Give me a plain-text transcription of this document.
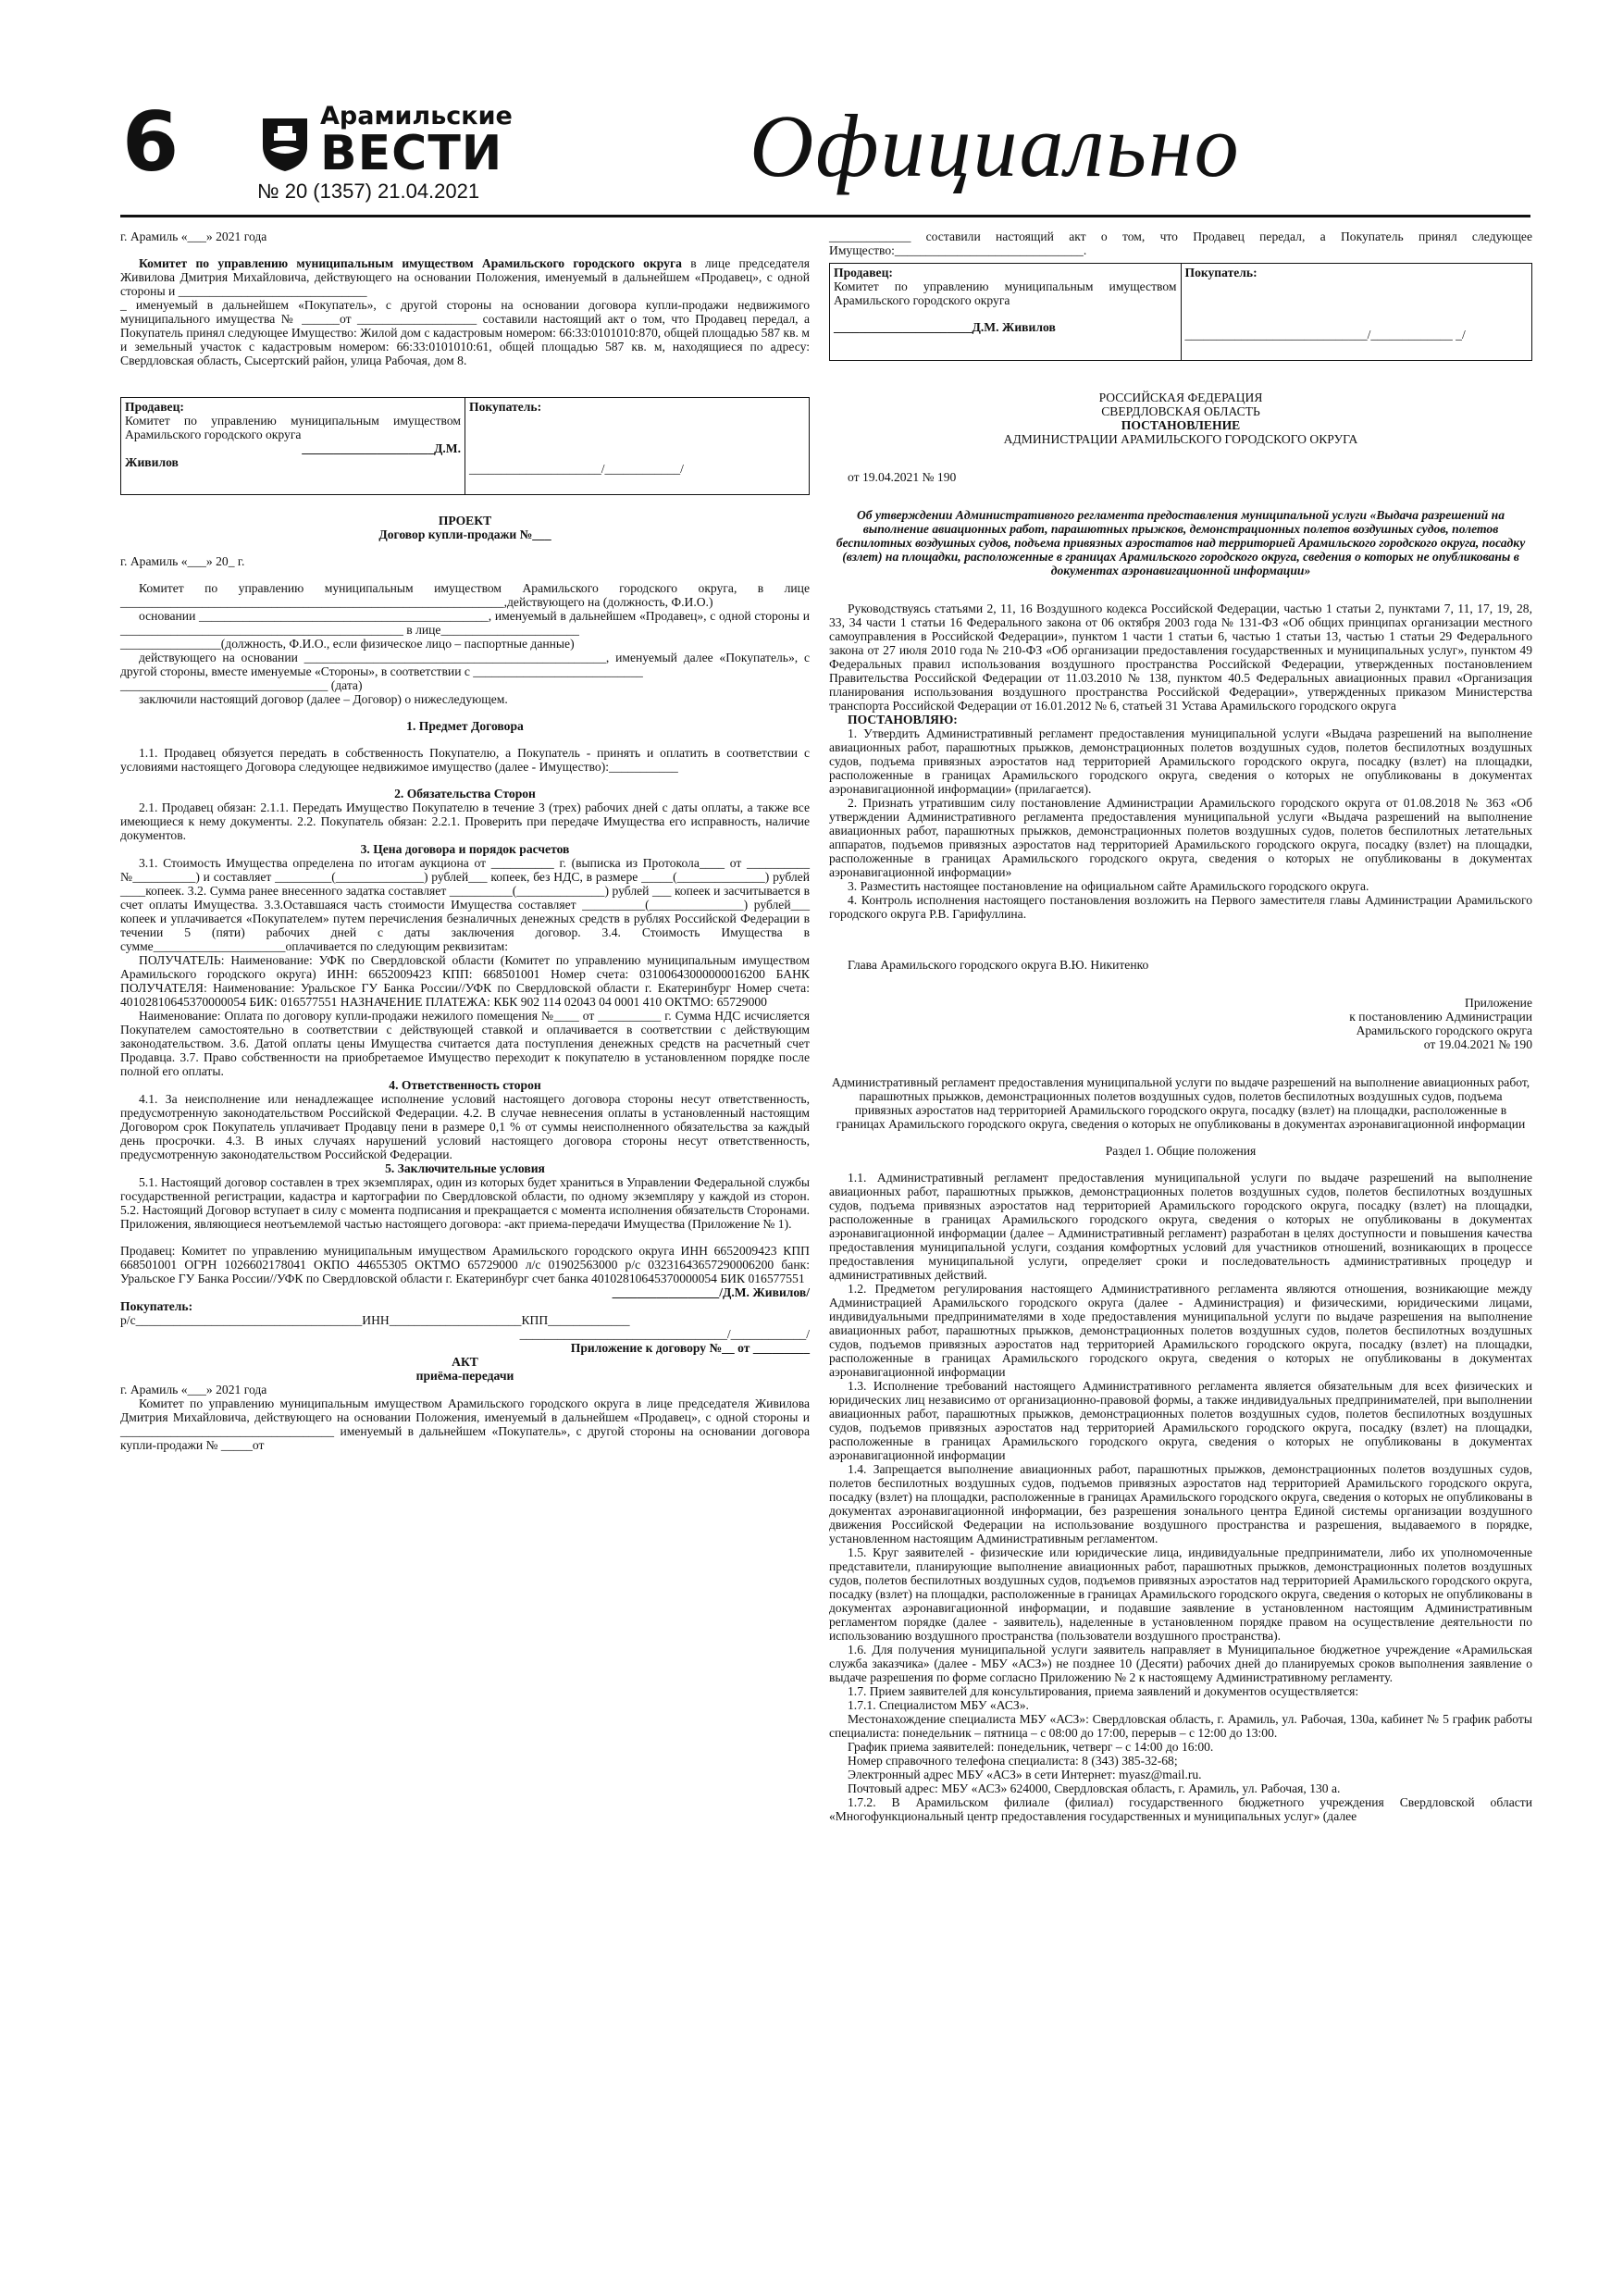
6	Арамильские
ВЕСТИ
№ 20 (1357) 21.04.2021	Официально

г. Арамиль «___» 2021 года

Комитет по управлению муниципальным имуществом Арамильского городского округа в лице председателя Живилова Дмитрия Михайловича, действующего на основании Положения, именуемый в дальнейшем «Продавец», с одной стороны и ______________________________

_ именуемый в дальнейшем «Покупатель», с другой стороны на основании договора купли-продажи недвижимого муниципального имущества № ______от ___________________ составили настоящий акт о том, что Продавец передал, а Покупатель принял следующее Имущество: Жилой дом с кадастровым номером: 66:33:0101010:870, общей площадью 587 кв. м и земельный участок с кадастровым номером: 66:33:0101010:61, общей площадью 587 кв. м, находящиеся по адресу: Свердловская область, Сысертский район, улица Рабочая, дом 8.

Продавец:

Комитет по управлению муниципальным имуществом Арамильского городского округа

_____________________Д.М.

Живилов

Покупатель:

_____________________/____________/

ПРОЕКТ

Договор купли-продажи №___

г. Арамиль «___» 20_ г.

Комитет по управлению муниципальным имуществом Арамильского городского округа, в лице _____________________________________________________________,действующего на (должность, Ф.И.О.)

основании ______________________________________________, именуемый в дальнейшем «Продавец», с одной стороны и _____________________________________________ в лице______________________

________________(должность, Ф.И.О., если физическое лицо – паспортные данные)

действующего на основании ________________________________________________, именуемый далее «Покупатель», с другой стороны, вместе именуемые «Стороны», в соответствии с ___________________________

_________________________________ (дата)

заключили настоящий договор (далее – Договор) о нижеследующем.

1. Предмет Договора

1.1. Продавец обязуется передать в собственность Покупателю, а Покупатель - принять и оплатить в соответствии с условиями настоящего Договора следующее недвижимое имущество (далее - Имущество):___________

2. Обязательства Сторон

2.1. Продавец обязан: 2.1.1. Передать Имущество Покупателю в течение 3 (трех) рабочих дней с даты оплаты, а также все имеющиеся к нему документы. 2.2. Покупатель обязан: 2.2.1. Проверить при передаче Имущества его исправность, наличие документов.

3. Цена договора и порядок расчетов

3.1. Стоимость Имущества определена по итогам аукциона от __________ г. (выписка из Протокола____ от __________ №__________) и составляет _________(______________) рублей___ копеек, без НДС, в размере _____(______________) рублей ____копеек. 3.2. Сумма ранее внесенного задатка составляет __________(______________) рублей ___ копеек и засчитывается в счет оплаты Имущества. 3.3.Оставшаяся часть стоимости Имущества составляет __________(_______________) рублей___ копеек и уплачивается «Покупателем» путем перечисления безналичных денежных средств в рублях Российской Федерации в течении 5 (пяти) рабочих дней с даты заключения договор. 3.4. Стоимость Имущества в сумме_____________________оплачивается по следующим реквизитам:

ПОЛУЧАТЕЛЬ: Наименование: УФК по Свердловской области (Комитет по управлению муниципальным имуществом Арамильского городского округа) ИНН: 6652009423 КПП: 668501001 Номер счета: 03100643000000016200 БАНК ПОЛУЧАТЕЛЯ: Наименование: Уральское ГУ Банка России//УФК по Свердловской области г. Екатеринбург Номер счета: 40102810645370000054 БИК: 016577551 НАЗНАЧЕНИЕ ПЛАТЕЖА: КБК 902 114 02043 04 0001 410 ОКТМО: 65729000

Наименование: Оплата по договору купли-продажи нежилого помещения №____ от __________ г. Сумма НДС исчисляется Покупателем самостоятельно в соответствии с действующей ставкой и оплачивается в соответствии с действующим законодательством. 3.6. Датой оплаты цены Имущества считается дата поступления денежных средств на расчетный счет Продавца. 3.7. Право собственности на приобретаемое Имущество переходит к покупателю в установленном порядке после полной его оплаты.

4. Ответственность сторон

4.1. За неисполнение или ненадлежащее исполнение условий настоящего договора стороны несут ответственность, предусмотренную законодательством Российской Федерации. 4.2. В случае невнесения оплаты в установленный настоящим Договором срок Покупатель уплачивает Продавцу пени в размере 0,1 % от суммы неисполненного обязательства за каждый день просрочки. 4.3. В иных случаях нарушений условий настоящего договора стороны несут ответственность, предусмотренную законодательством Российской Федерации.

5. Заключительные условия

5.1. Настоящий договор составлен в трех экземплярах, один из которых будет храниться в Управлении Федеральной службы государственной регистрации, кадастра и картографии по Свердловской области, по одному экземпляру у каждой из сторон. 5.2. Настоящий Договор вступает в силу с момента подписания и прекращается с момента исполнения обязательств Сторонами. Приложения, являющиеся неотъемлемой частью настоящего договора: -акт приема-передачи Имущества (Приложение № 1).

Продавец: Комитет по управлению муниципальным имуществом Арамильского городского округа ИНН 6652009423 КПП 668501001 ОГРН 1026602178041 ОКПО 44655305 ОКТМО 65729000 л/с 01902563000 р/с 03231643657290006200 банк: Уральское ГУ Банка России//УФК по Свердловской области г. Екатеринбург счет банка 40102810645370000054 БИК 016577551

_________________/Д.М. Живилов/

Покупатель:

р/с____________________________________ИНН_____________________КПП_____________

_________________________________/____________/

Приложение к договору №__ от _________

АКТ

приёма-передачи

г. Арамиль «___» 2021 года

Комитет по управлению муниципальным имуществом Арамильского городского округа в лице председателя Живилова Дмитрия Михайловича, действующего на основании Положения, именуемый в дальнейшем «Продавец», с одной стороны и __________________________________ именуемый в дальнейшем «Покупатель», с другой стороны на основании договора купли-продажи № _____от

_____________ составили настоящий акт о том, что Продавец передал, а Покупатель принял следующее Имущество:______________________________.

Продавец:

Комитет по управлению муниципальным имуществом Арамильского городского округа

______________________Д.М. Живилов

Покупатель:

_____________________________/_____________ _/

РОССИЙСКАЯ ФЕДЕРАЦИЯ

СВЕРДЛОВСКАЯ ОБЛАСТЬ

ПОСТАНОВЛЕНИЕ

АДМИНИСТРАЦИИ АРАМИЛЬСКОГО ГОРОДСКОГО ОКРУГА

от 19.04.2021 № 190

Об утверждении Административного регламента предоставления муниципальной услуги «Выдача разрешений на выполнение авиационных работ, парашютных прыжков, демонстрационных полетов воздушных судов, полетов беспилотных воздушных судов, подъема привязных аэростатов над территорией Арамильского городского округа, посадку (взлет) на площадки, расположенные в границах Арамильского городского округа, сведения о которых не опубликованы в документах аэронавигационной информации»

Руководствуясь статьями 2, 11, 16 Воздушного кодекса Российской Федерации, частью 1 статьи 2, пунктами 7, 11, 17, 19, 28, 33, 34 части 1 статьи 16 Федерального закона от 06 октября 2003 года № 131-ФЗ «Об общих принципах организации местного самоуправления в Российской Федерации», пунктом 1 части 1 статьи 6, частью 1 статьи 13, частью 1 статьи 29 Федерального закона от 27 июля 2010 года № 210-ФЗ «Об организации предоставления государственных и муниципальных услуг», пунктом 49 Федеральных правил использования воздушного пространства Российской Федерации, утвержденных постановлением Правительства Российской Федерации от 11.03.2010 № 138, пунктом 40.5 Федеральных авиационных правил «Организация планирования использования воздушного пространства Российской Федерации», утвержденных приказом Министерства транспорта Российской Федерации от 16.01.2012 № 6, статьей 31 Устава Арамильского городского округа

ПОСТАНОВЛЯЮ:

1. Утвердить Административный регламент предоставления муниципальной услуги «Выдача разрешений на выполнение авиационных работ, парашютных прыжков, демонстрационных полетов воздушных судов, полетов беспилотных воздушных судов, подъема привязных аэростатов над территорией Арамильского городского округа, посадку (взлет) на площадки, расположенные в границах Арамильского городского округа, сведения о которых не опубликованы в документах аэронавигационной информации» (прилагается).

2. Признать утратившим силу постановление Администрации Арамильского городского округа от 01.08.2018 № 363 «Об утверждении Административного регламента предоставления муниципальной услуги «Выдача разрешений на выполнение авиационных работ, парашютных прыжков, демонстрационных полетов воздушных судов, полетов беспилотных летательных аппаратов, подъемов привязных аэростатов над территорией Арамильского городского округа, посадку (взлет) на площадки, расположенные в границах Арамильского городского округа, сведения о которых не опубликованы в документах аэронавигационной информации»

3. Разместить настоящее постановление на официальном сайте Арамильского городского округа.

4. Контроль исполнения настоящего постановления возложить на Первого заместителя главы Администрации Арамильского городского округа Р.В. Гарифуллина.

Глава Арамильского городского округа В.Ю. Никитенко

Приложение

к постановлению Администрации

Арамильского городского округа

от 19.04.2021 № 190

Административный регламент предоставления муниципальной услуги по выдаче разрешений на выполнение авиационных работ, парашютных прыжков, демонстрационных полетов воздушных судов, полетов беспилотных воздушных судов, подъема привязных аэростатов над территорией Арамильского городского округа, посадку (взлет) на площадки, расположенные в границах Арамильского городского округа, сведения о которых не опубликованы в документах аэронавигационной информации

Раздел 1. Общие положения

1.1. Административный регламент предоставления муниципальной услуги по выдаче разрешений на выполнение авиационных работ, парашютных прыжков, демонстрационных полетов воздушных судов, полетов беспилотных воздушных судов, подъема привязных аэростатов над территорией Арамильского городского округа, посадку (взлет) на площадки, расположенные в границах Арамильского городского округа, сведения о которых не опубликованы в документах аэронавигационной информации (далее – Административный регламент) разработан в целях доступности и повышения качества предоставления муниципальной услуги, создания комфортных условий для участников отношений, возникающих в процессе предоставления муниципальной услуги, определяет сроки и последовательность административных процедур и административных действий.

1.2. Предметом регулирования настоящего Административного регламента являются отношения, возникающие между Администрацией Арамильского городского округа (далее - Администрация) и физическими, юридическими лицами, индивидуальными предпринимателями в ходе предоставления муниципальной услуги по выдаче разрешения на выполнение авиационных работ, парашютных прыжков, демонстрационных полетов воздушных судов, полетов беспилотных воздушных судов, подъемов привязных аэростатов над территорией Арамильского городского округа, посадку (взлет) на площадки, расположенные в границах Арамильского городского округа, сведения о которых не опубликованы в документах аэронавигационной информации

1.3. Исполнение требований настоящего Административного регламента является обязательным для всех физических и юридических лиц независимо от организационно-правовой формы, а также индивидуальных предпринимателей, при выполнении авиационных работ, парашютных прыжков, демонстрационных полетов воздушных судов, полетов беспилотных воздушных судов, подъемов привязных аэростатов над территорией Арамильского городского округа, посадку (взлет) на площадки, расположенные в границах Арамильского городского округа, сведения о которых не опубликованы в документах аэронавигационной информации

1.4. Запрещается выполнение авиационных работ, парашютных прыжков, демонстрационных полетов воздушных судов, полетов беспилотных воздушных судов, подъемов привязных аэростатов над территорией Арамильского городского округа, посадку (взлет) на площадки, расположенные в границах Арамильского городского округа, сведения о которых не опубликованы в документах аэронавигационной информации, без разрешения зонального центра Единой системы организации воздушного движения Российской Федерации на использование воздушного пространства и разрешения, выдаваемого в порядке, установленном настоящим Административным регламентом.

1.5. Круг заявителей - физические или юридические лица, индивидуальные предприниматели, либо их уполномоченные представители, планирующие выполнение авиационных работ, парашютных прыжков, демонстрационных полетов воздушных судов, полетов беспилотных воздушных судов, подъемов привязных аэростатов над территорией Арамильского городского округа, посадку (взлет) на площадки, расположенные в границах Арамильского городского округа, сведения о которых не опубликованы в документах аэронавигационной информации, и подавшие заявление в установленном настоящим Административным регламентом порядке (далее - заявитель), наделенные в установленном порядке правом на осуществление деятельности по использованию воздушного пространства (пользователи воздушного пространства).

1.6. Для получения муниципальной услуги заявитель направляет в Муниципальное бюджетное учреждение «Арамильская служба заказчика» (далее - МБУ «АСЗ») не позднее 10 (Десяти) рабочих дней до планируемых сроков выполнения заявление о выдаче разрешения по форме согласно Приложению № 2 к настоящему Административному регламенту.

1.7. Прием заявителей для консультирования, приема заявлений и документов осуществляется:

1.7.1. Специалистом МБУ «АСЗ».

Местонахождение специалиста МБУ «АСЗ»: Свердловская область, г. Арамиль, ул. Рабочая, 130а, кабинет № 5 график работы специалиста: понедельник – пятница – с 08:00 до 17:00, перерыв – с 12:00 до 13:00.

График приема заявителей: понедельник, четверг – с 14:00 до 16:00.

Номер справочного телефона специалиста: 8 (343) 385-32-68;

Электронный адрес МБУ «АСЗ» в сети Интернет: myasz@mail.ru.

Почтовый адрес: МБУ «АСЗ» 624000, Свердловская область, г. Арамиль, ул. Рабочая, 130 а.

1.7.2. В Арамильском филиале (филиал) государственного бюджетного учреждения Свердловской области «Многофункциональный центр предоставления государственных и муниципальных услуг» (далее
